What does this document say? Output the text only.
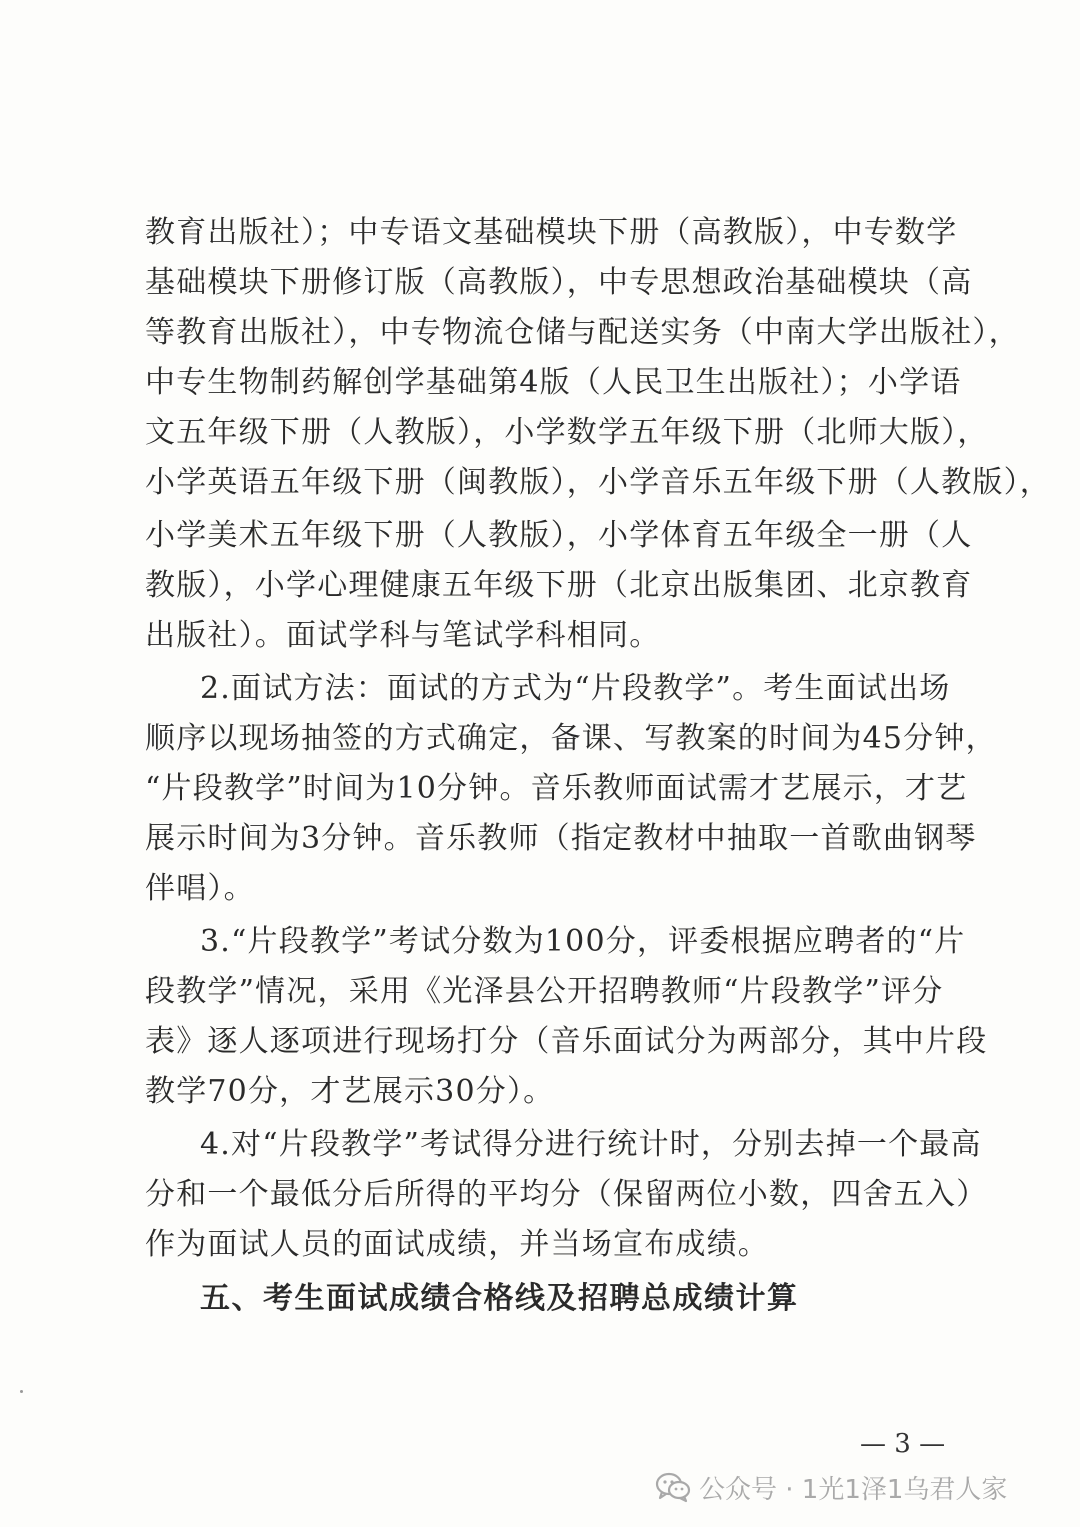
教育出版社）；中专语文基础模块下册（高教版），中专数学
基础模块下册修订版（高教版），中专思想政治基础模块（高
等教育出版社），中专物流仓储与配送实务（中南大学出版社），
中专生物制药解创学基础第4版（人民卫生出版社）；小学语
文五年级下册（人教版），小学数学五年级下册（北师大版），
小学英语五年级下册（闽教版），小学音乐五年级下册（人教版），
小学美术五年级下册（人教版），小学体育五年级全一册（人
教版），小学心理健康五年级下册（北京出版集团、北京教育
出版社）。面试学科与笔试学科相同。
2.面试方法：面试的方式为“片段教学”。考生面试出场
顺序以现场抽签的方式确定，备课、写教案的时间为45分钟，
“片段教学”时间为10分钟。音乐教师面试需才艺展示，才艺
展示时间为3分钟。音乐教师（指定教材中抽取一首歌曲钢琴
伴唱）。
3.“片段教学”考试分数为100分，评委根据应聘者的“片
段教学”情况，采用《光泽县公开招聘教师“片段教学”评分
表》逐人逐项进行现场打分（音乐面试分为两部分，其中片段
教学70分，才艺展示30分）。
4.对“片段教学”考试得分进行统计时，分别去掉一个最高
分和一个最低分后所得的平均分（保留两位小数，四舍五入）
作为面试人员的面试成绩，并当场宣布成绩。
五、考生面试成绩合格线及招聘总成绩计算
— 3 —
公众号 · 1光1泽1乌君人家
